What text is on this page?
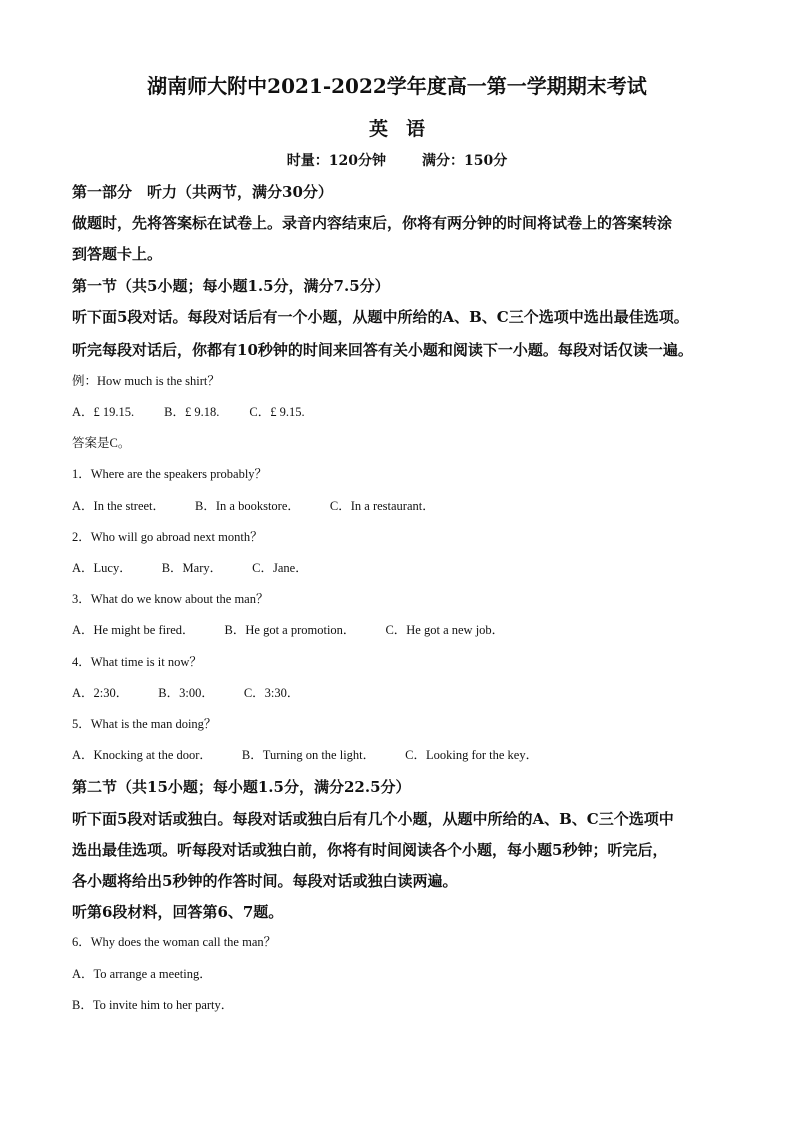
湖南师大附中2021-2022学年度高一第一学期期末考试
英语
时量：120分钟	满分：150分
第一部分　听力（共两节，满分30分）
做题时，先将答案标在试卷上。录音内容结束后，你将有两分钟的时间将试卷上的答案转涂
到答题卡上。
第一节（共5小题；每小题1.5分，满分7.5分）
听下面5段对话。每段对话后有一个小题，从题中所给的A、B、C三个选项中选出最佳选项。
听完每段对话后，你都有10秒钟的时间来回答有关小题和阅读下一小题。每段对话仅读一遍。
例：How much is the shirt？
A．£ 19.15. B．£ 9.18. C．£ 9.15.
答案是C。
1．Where are the speakers probably？
A．In the street． B．In a bookstore． C．In a restaurant．
2．Who will go abroad next month？
A．Lucy． B．Mary． C．Jane．
3．What do we know about the man？
A．He might be fired． B．He got a promotion． C．He got a new job．
4．What time is it now？
A．2:30． B．3:00． C．3:30．
5．What is the man doing？
A．Knocking at the door． B．Turning on the light． C．Looking for the key．
第二节（共15小题；每小题1.5分，满分22.5分）
听下面5段对话或独白。每段对话或独白后有几个小题，从题中所给的A、B、C三个选项中
选出最佳选项。听每段对话或独白前，你将有时间阅读各个小题，每小题5秒钟；听完后，
各小题将给出5秒钟的作答时间。每段对话或独白读两遍。
听第6段材料，回答第6、7题。
6．Why does the woman call the man？
A．To arrange a meeting．
B．To invite him to her party．
